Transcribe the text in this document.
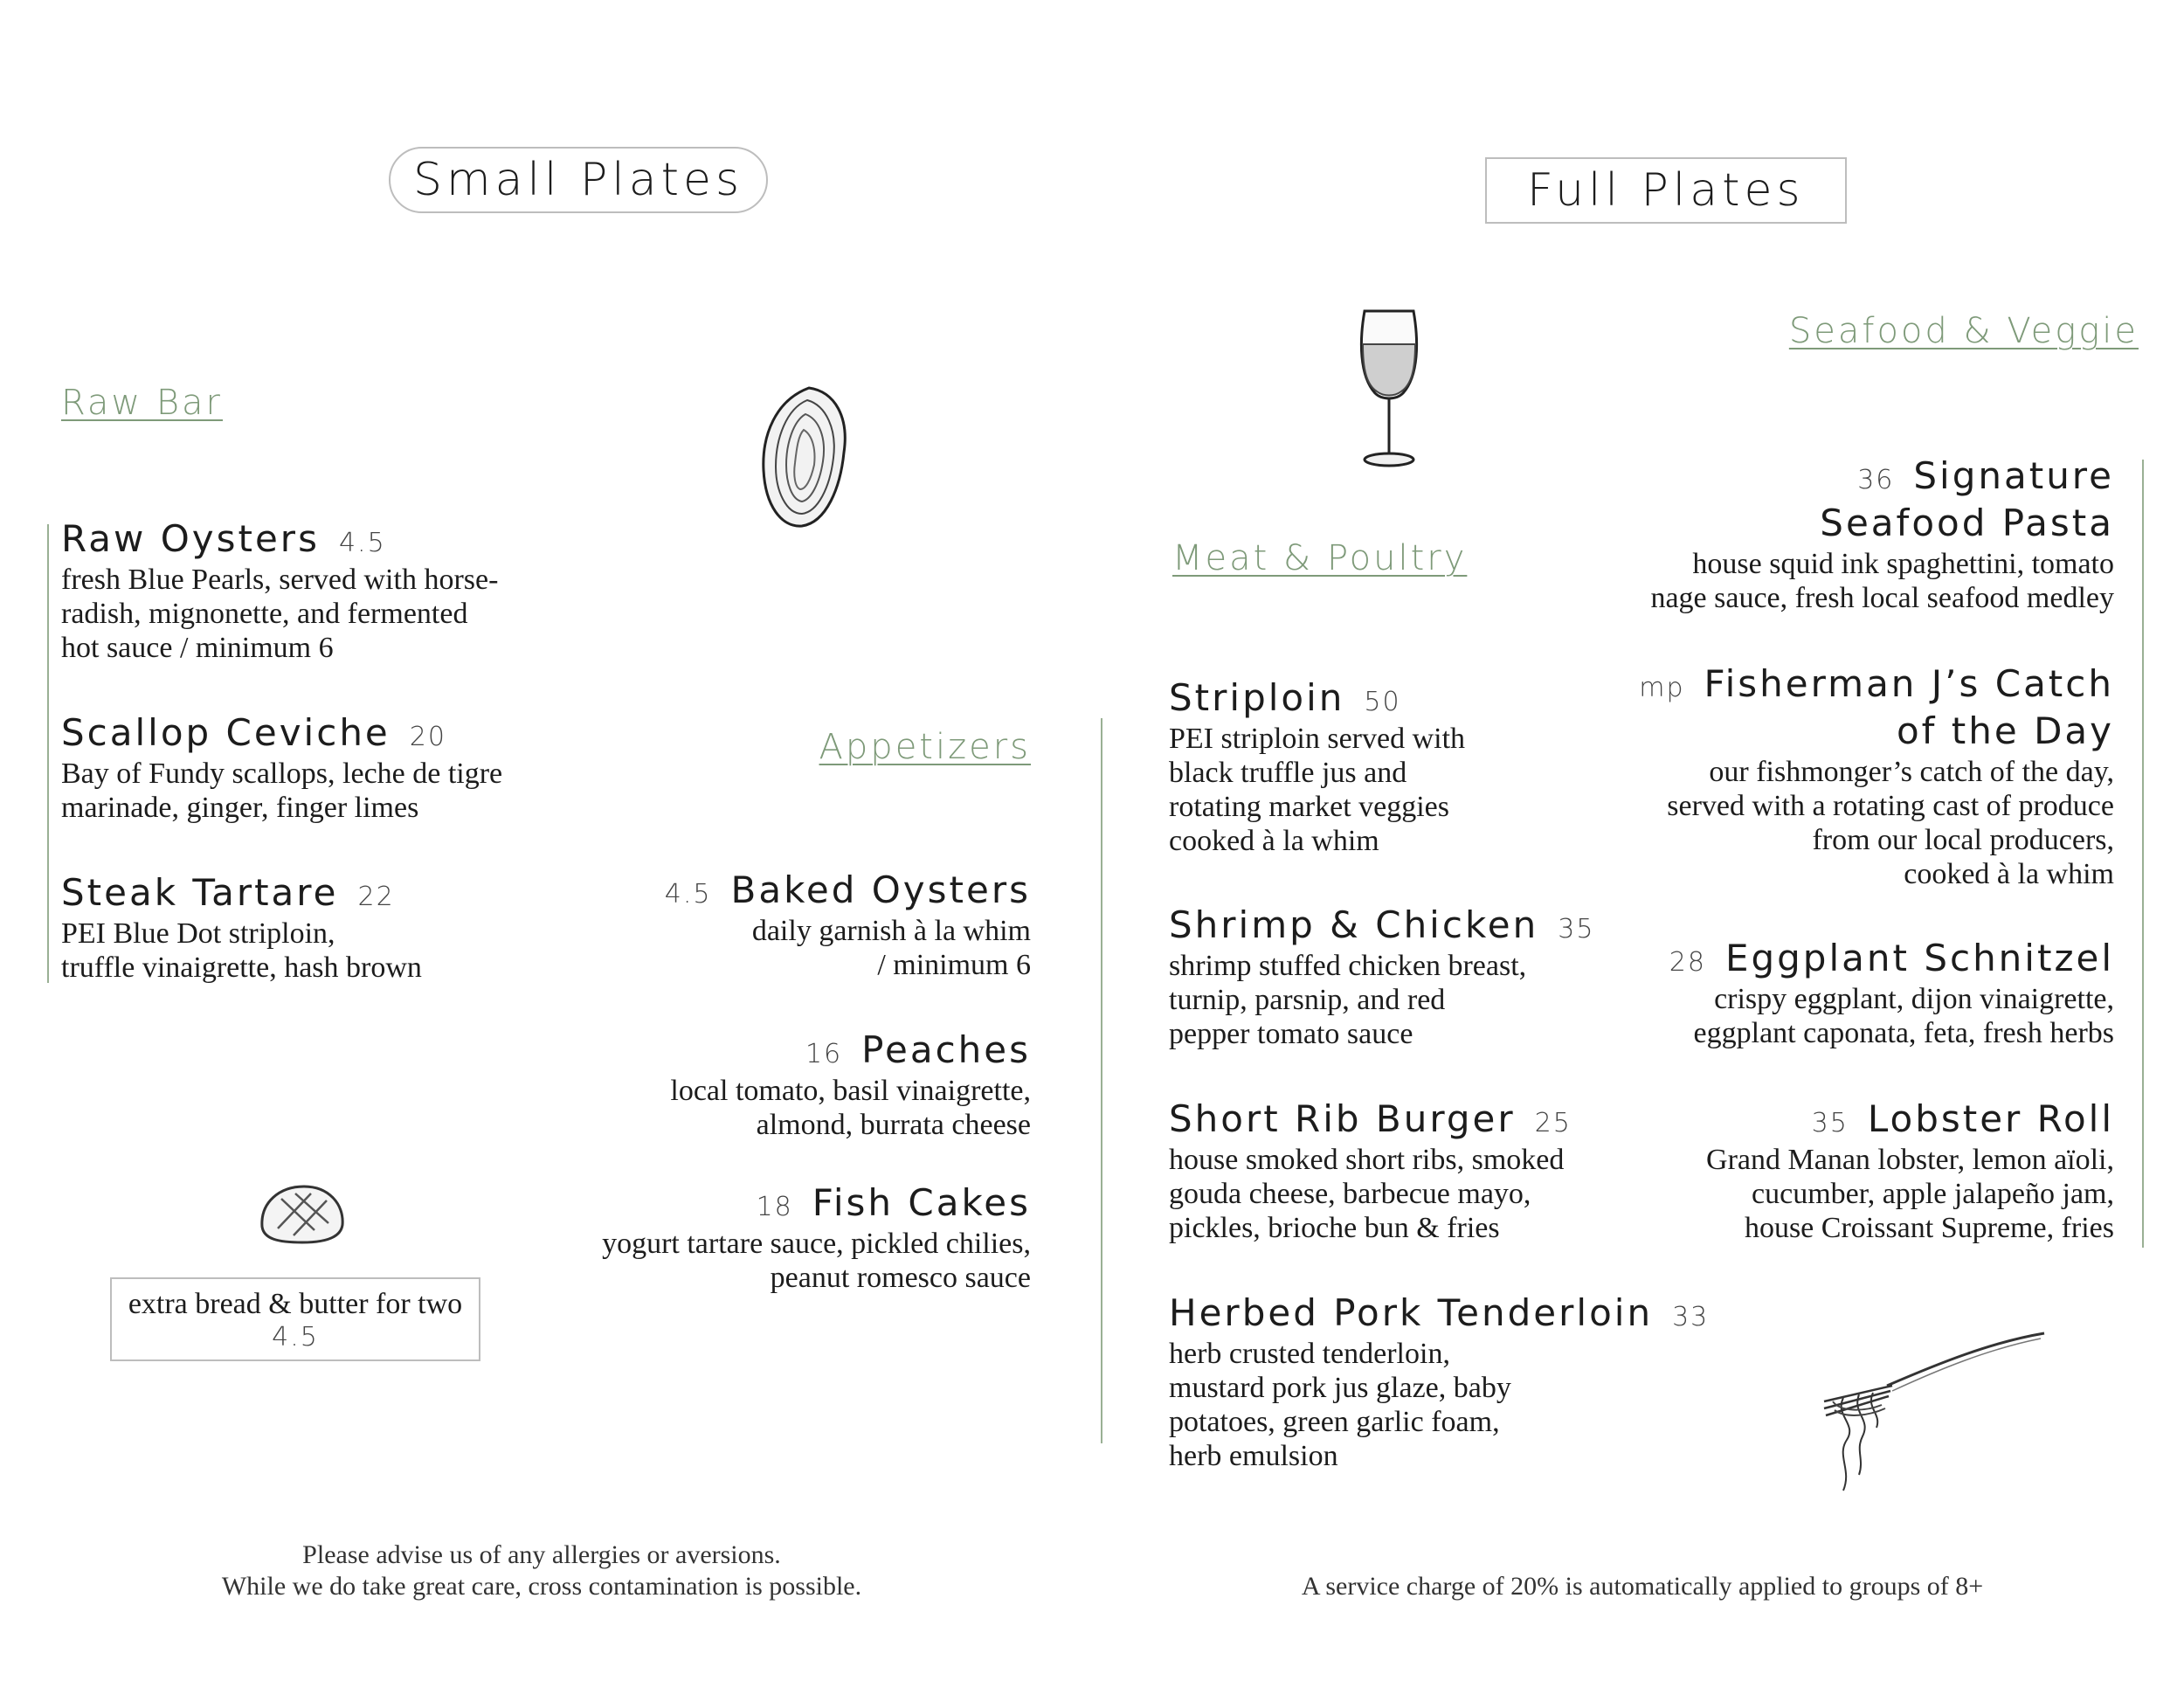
Small Plates	Full Plates
Raw Bar
Appetizers
Meat & Poultry
Seafood & Veggie
Raw Oysters 4.5
fresh Blue Pearls, served with horse-
radish, mignonette, and fermented
hot sauce / minimum 6
Scallop Ceviche 20
Bay of Fundy scallops, leche de tigre
marinade, ginger, finger limes
Steak Tartare 22
PEI Blue Dot striploin,
truffle vinaigrette, hash brown
4.5 Baked Oysters
daily garnish à la whim
/ minimum 6
16 Peaches
local tomato, basil vinaigrette,
almond, burrata cheese
18 Fish Cakes
yogurt tartare sauce, pickled chilies,
peanut romesco sauce
extra bread & butter for two
4.5
Striploin 50
PEI striploin served with
black truffle jus and
rotating market veggies
cooked à la whim
Shrimp & Chicken 35
shrimp stuffed chicken breast,
turnip, parsnip, and red
pepper tomato sauce
Short Rib Burger 25
house smoked short ribs, smoked
gouda cheese, barbecue mayo,
pickles, brioche bun & fries
Herbed Pork Tenderloin 33
herb crusted tenderloin,
mustard pork jus glaze, baby
potatoes, green garlic foam,
herb emulsion
36 Signature
Seafood Pasta
house squid ink spaghettini, tomato
nage sauce, fresh local seafood medley
mp Fisherman J’s Catch
of the Day
our fishmonger’s catch of the day,
served with a rotating cast of produce
from our local producers,
cooked à la whim
28 Eggplant Schnitzel
crispy eggplant, dijon vinaigrette,
eggplant caponata, feta, fresh herbs
35 Lobster Roll
Grand Manan lobster, lemon aïoli,
cucumber, apple jalapeño jam,
house Croissant Supreme, fries
Please advise us of any allergies or aversions.
While we do take great care, cross contamination is possible.	A service charge of 20% is automatically applied to groups of 8+
